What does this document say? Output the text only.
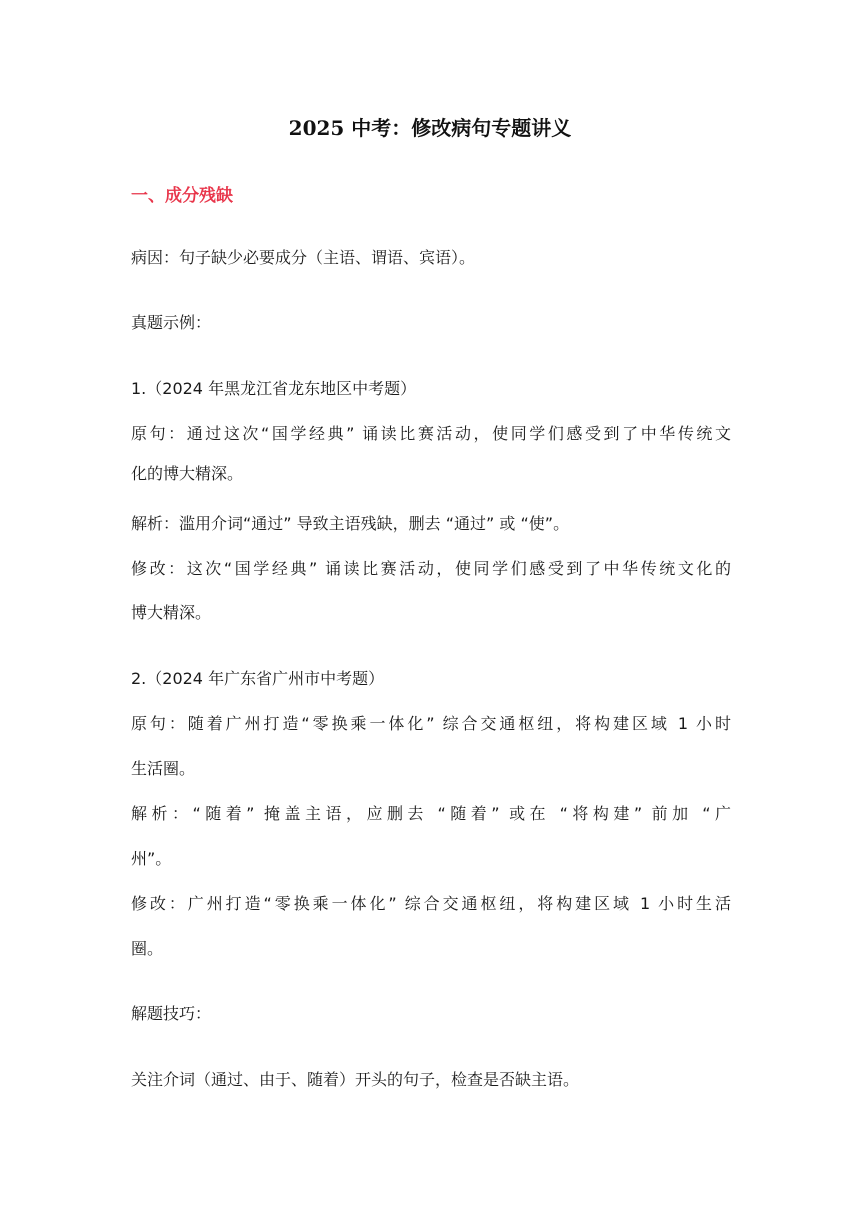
2025 中考：修改病句专题讲义
一、成分残缺
病因：句子缺少必要成分（主语、谓语、宾语）。
真题示例：
1.（2024 年黑龙江省龙东地区中考题）
原句：通过这次“国学经典” 诵读比赛活动，使同学们感受到了中华传统文
化的博大精深。
解析：滥用介词“通过” 导致主语残缺，删去 “通过” 或 “使”。
修改：这次“国学经典” 诵读比赛活动，使同学们感受到了中华传统文化的
博大精深。
2.（2024 年广东省广州市中考题）
原句：随着广州打造“零换乘一体化” 综合交通枢纽，将构建区域 1 小时
生活圈。
解析：“随着” 掩盖主语，应删去 “随着” 或在 “将构建” 前加 “广
州”。
修改：广州打造“零换乘一体化” 综合交通枢纽，将构建区域 1 小时生活
圈。
解题技巧：
关注介词（通过、由于、随着）开头的句子，检查是否缺主语。
